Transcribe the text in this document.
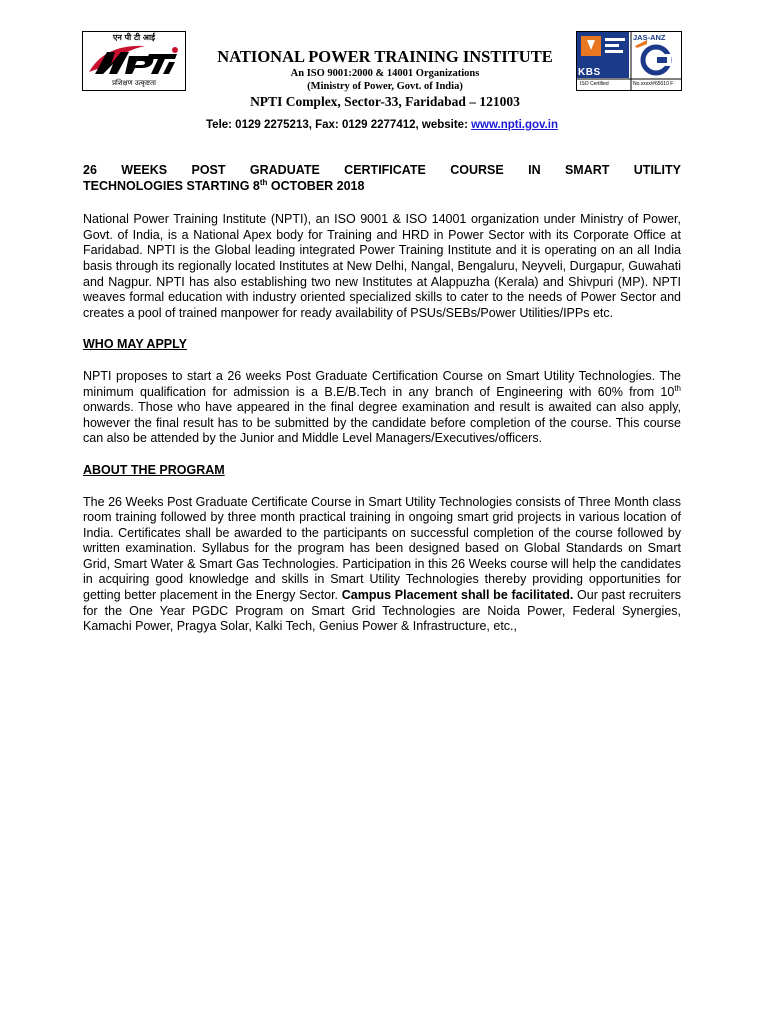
एन पी टी आई
प्रशिक्षण उत्कृष्टता
NATIONAL POWER TRAINING INSTITUTE
An ISO 9001:2000 & 14001 Organizations
(Ministry of Power, Govt. of India)
NPTI Complex, Sector-33, Faridabad – 121003
Tele: 0129 2275213, Fax: 0129 2277412, website: www.npti.gov.in
JAS-ANZ
KBS
ISO Certified	No.xxxx/#65010 F
26 WEEKS POST GRADUATE CERTIFICATE COURSE IN SMART UTILITY
TECHNOLOGIES STARTING 8th OCTOBER 2018

National Power Training Institute (NPTI), an ISO 9001 & ISO 14001 organization under Ministry of Power, Govt. of India, is a National Apex body for Training and HRD in Power Sector with its Corporate Office at Faridabad. NPTI is the Global leading integrated Power Training Institute and it is operating on an all India basis through its regionally located Institutes at New Delhi, Nangal, Bengaluru, Neyveli, Durgapur, Guwahati and Nagpur. NPTI has also establishing two new Institutes at Alappuzha (Kerala) and Shivpuri (MP). NPTI weaves formal education with industry oriented specialized skills to cater to the needs of Power Sector and creates a pool of trained manpower for ready availability of PSUs/SEBs/Power Utilities/IPPs etc.

WHO MAY APPLY

NPTI proposes to start a 26 weeks Post Graduate Certification Course on Smart Utility Technologies. The minimum qualification for admission is a B.E/B.Tech in any branch of Engineering with 60% from 10th onwards. Those who have appeared in the final degree examination and result is awaited can also apply, however the final result has to be submitted by the candidate before completion of the course. This course can also be attended by the Junior and Middle Level Managers/Executives/officers.

ABOUT THE PROGRAM

The 26 Weeks Post Graduate Certificate Course in Smart Utility Technologies consists of Three Month class room training followed by three month practical training in ongoing smart grid projects in various location of India. Certificates shall be awarded to the participants on successful completion of the course followed by written examination. Syllabus for the program has been designed based on Global Standards on Smart Grid, Smart Water & Smart Gas Technologies. Participation in this 26 Weeks course will help the candidates in acquiring good knowledge and skills in Smart Utility Technologies thereby providing opportunities for getting better placement in the Energy Sector. Campus Placement shall be facilitated. Our past recruiters for the One Year PGDC Program on Smart Grid Technologies are Noida Power, Federal Synergies, Kamachi Power, Pragya Solar, Kalki Tech, Genius Power & Infrastructure, etc.,
